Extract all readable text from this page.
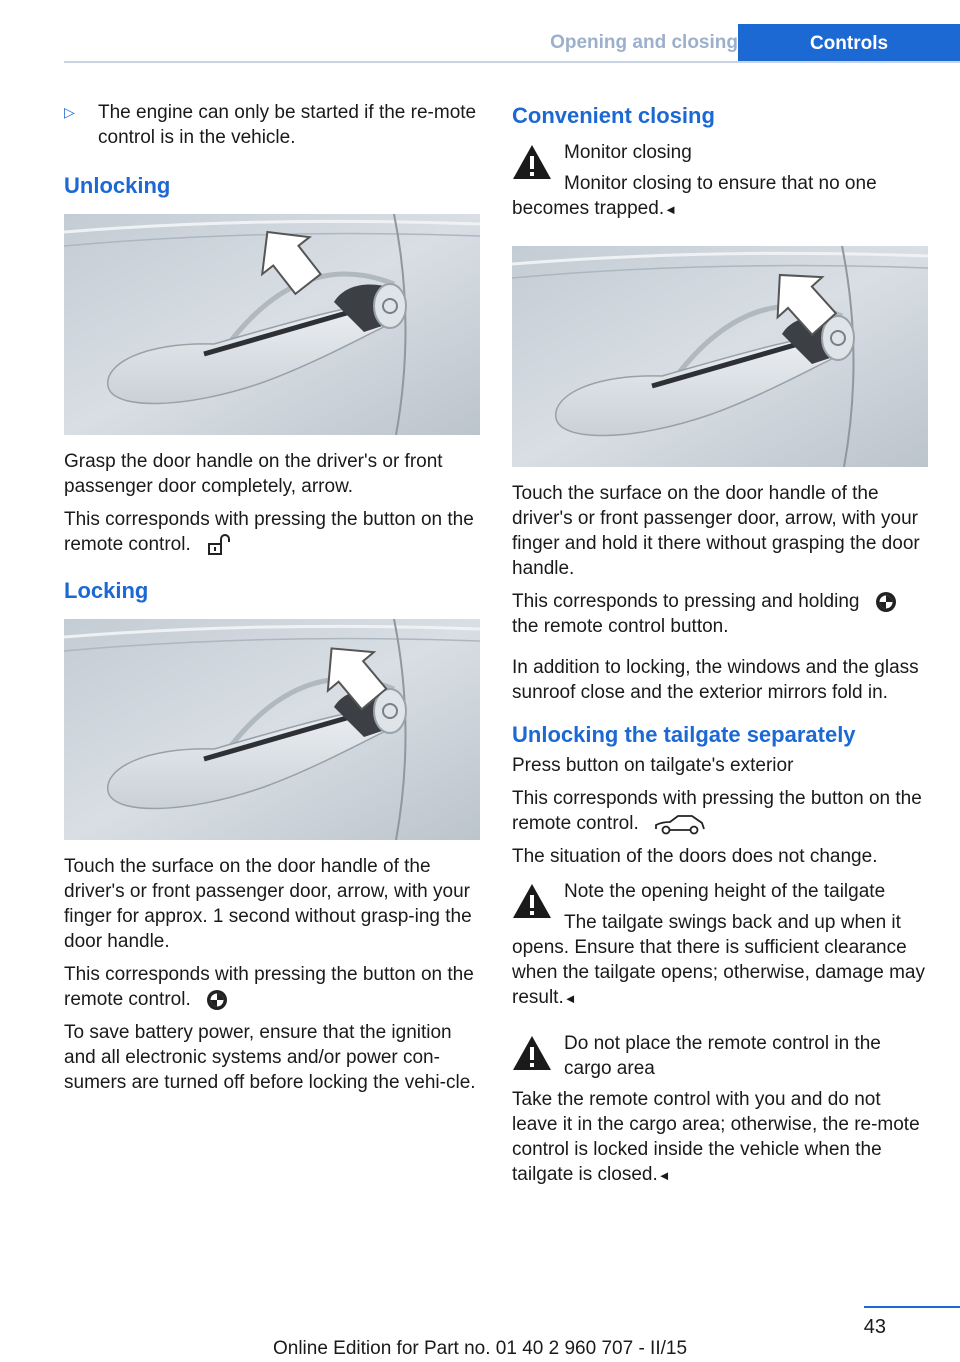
Opening and closing	Controls
▷	The engine can only be started if the re-mote control is in the vehicle.

Unlocking

Grasp the door handle on the driver's or front passenger door completely, arrow.

This corresponds with pressing the button on the remote control.

Locking

Touch the surface on the door handle of the driver's or front passenger door, arrow, with your finger for approx. 1 second without grasp-ing the door handle.

This corresponds with pressing the button on the remote control.

To save battery power, ensure that the ignition and all electronic systems and/or power con-sumers are turned off before locking the vehi-cle.

Convenient closing

Monitor closing

Monitor closing to ensure that no one becomes trapped.◄

Touch the surface on the door handle of the driver's or front passenger door, arrow, with your finger and hold it there without grasping the door handle.

This corresponds to pressing and holding
the remote control button.

In addition to locking, the windows and the glass sunroof close and the exterior mirrors fold in.

Unlocking the tailgate separately

Press button on tailgate's exterior

This corresponds with pressing the button on the remote control.

The situation of the doors does not change.

Note the opening height of the tailgate

The tailgate swings back and up when it opens. Ensure that there is sufficient clearance when the tailgate opens; otherwise, damage may result.◄

Do not place the remote control in the cargo area

Take the remote control with you and do not leave it in the cargo area; otherwise, the re-mote control is locked inside the vehicle when the tailgate is closed.◄

43
Online Edition for Part no. 01 40 2 960 707 - II/15
